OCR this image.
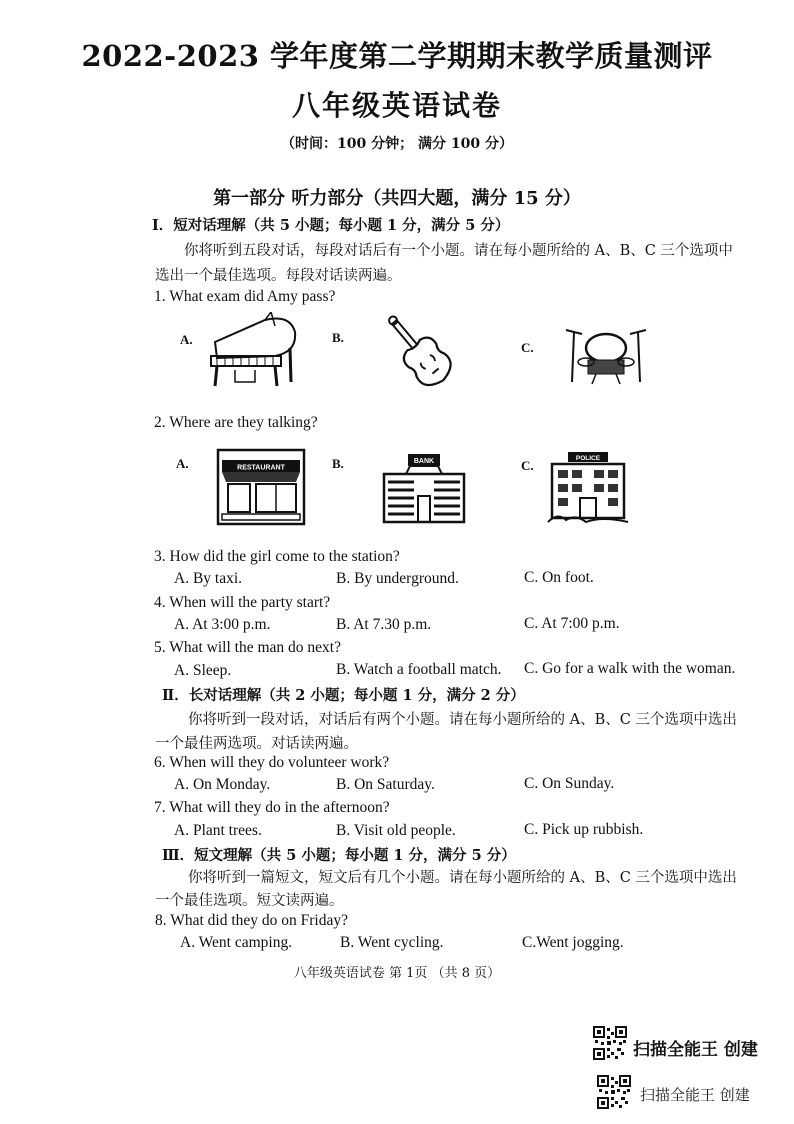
2022-2023 学年度第二学期期末教学质量测评
八年级英语试卷
（时间：100 分钟； 满分 100 分）
第一部分 听力部分（共四大题，满分 15 分）
Ⅰ．短对话理解（共 5 小题；每小题 1 分，满分 5 分）
你将听到五段对话，每段对话后有一个小题。请在每小题所给的 A、B、C 三个选项中
选出一个最佳选项。每段对话读两遍。
1. What exam did Amy pass?
A.	B.
C.
2. Where are they talking?
A.	B.	C.
RESTAURANT
BANK	POLICE
3. How did the girl come to the station?
A. By taxi.	B. By underground.	C. On foot.
4. When will the party start?
A. At 3:00 p.m.	B. At 7.30 p.m.	C. At 7:00 p.m.
5. What will the man do next?
A. Sleep.	B. Watch a football match. C. Go for a walk with the woman.
Ⅱ．长对话理解（共 2 小题；每小题 1 分，满分 2 分）
你将听到一段对话，对话后有两个小题。请在每小题所给的 A、B、C 三个选项中选出
一个最佳两选项。对话读两遍。
6. When will they do volunteer work?
A. On Monday.	B. On Saturday.	C. On Sunday.
7. What will they do in the afternoon?
A. Plant trees.	B. Visit old people.	C. Pick up rubbish.
Ⅲ．短文理解（共 5 小题；每小题 1 分，满分 5 分）
你将听到一篇短文，短文后有几个小题。请在每小题所给的 A、B、C 三个选项中选出
一个最佳选项。短文读两遍。
8. What did they do on Friday?
A. Went camping.	B. Went cycling.	C.Went jogging.
八年级英语试卷 第 1页 （共 8 页）
扫描全能王 创建
扫描全能王 创建
